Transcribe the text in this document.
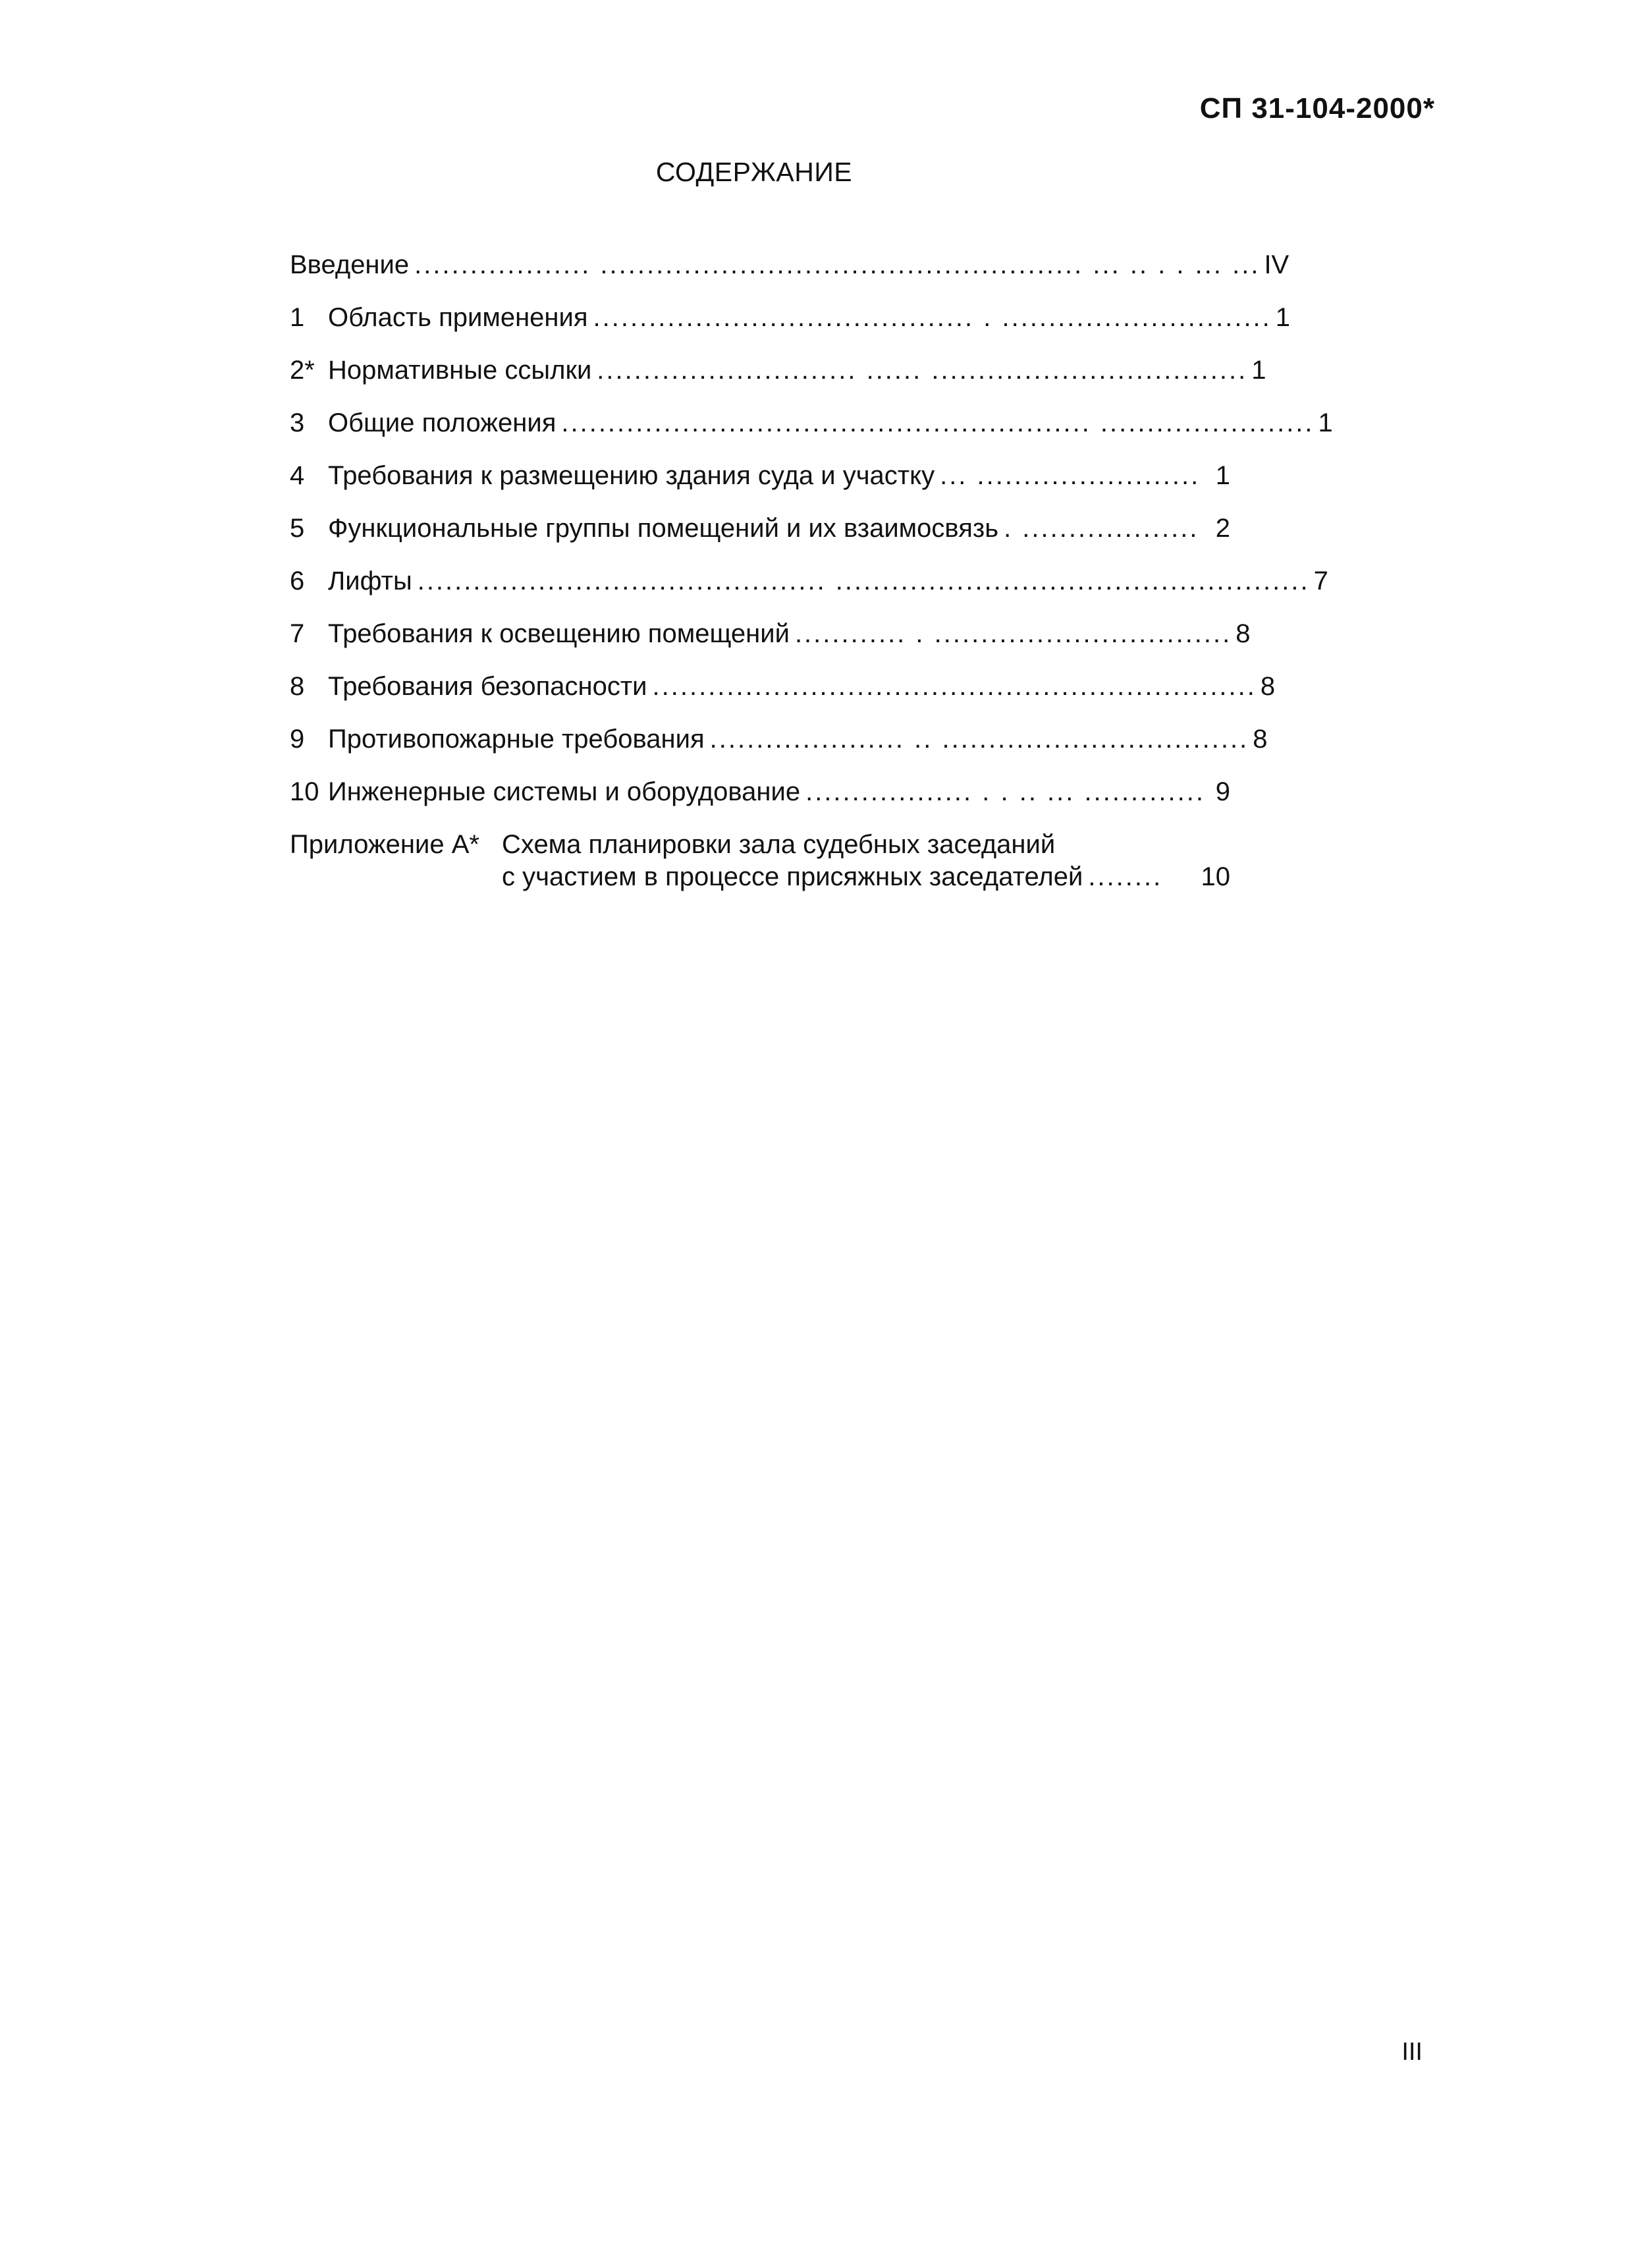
СП 31-104-2000*
СОДЕРЖАНИЕ
Введение ................... .................................................... ... .. . . ... ... IV
1 Область применения ......................................... . ............................. 1
2* Нормативные ссылки ............................ ...... .................................. 1
3 Общие положения ......................................................... ....................... 1
4 Требования к размещению здания суда и участку ... ........................ 1
5 Функциональные группы помещений и их взаимосвязь . ................... 2
6 Лифты ............................................ ................................................... 7
7 Требования к освещению помещений ............ . ................................ 8
8 Требования безопасности ................................................................. 8
9 Противопожарные требования ..................... .. ................................. 8
10 Инженерные системы и оборудование .................. . . .. ... ............. 9
Приложение А* Схема планировки зала судебных заседаний
с участием в процессе присяжных заседателей ........	10
III
